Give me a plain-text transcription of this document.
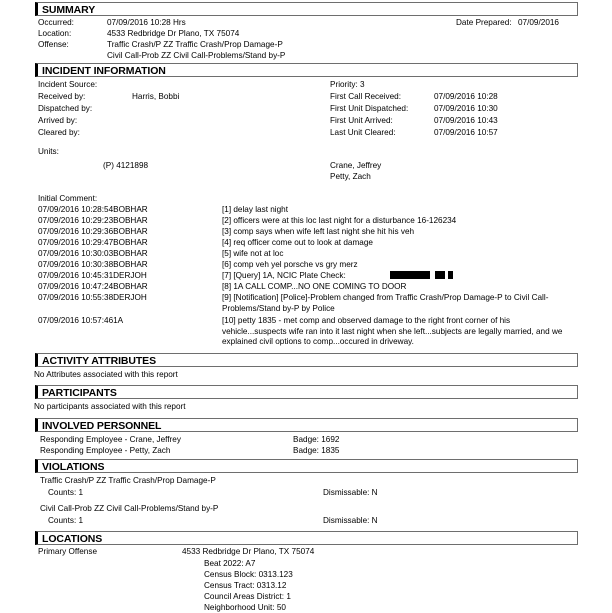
SUMMARY
Occurred:	07/09/2016 10:28 Hrs	Date Prepared: 07/09/2016
Location:	4533 Redbridge Dr Plano, TX 75074
Offense:	Traffic Crash/P ZZ Traffic Crash/Prop Damage-P
Civil Call-Prob ZZ Civil Call-Problems/Stand by-P
INCIDENT INFORMATION
Incident Source:
Received by:	Harris, Bobbi
Dispatched by:
Arrived by:
Cleared by:
Priority: 3
First Call Received:	07/09/2016 10:28
First Unit Dispatched:	07/09/2016 10:30
First Unit Arrived:	07/09/2016 10:43
Last Unit Cleared:	07/09/2016 10:57
Units:
(P) 4121898	Crane, Jeffrey
Petty, Zach
Initial Comment:
07/09/2016 10:28:54BOBHAR	[1] delay last night
07/09/2016 10:29:23BOBHAR	[2] officers were at this loc last night for a disturbance 16-126234
07/09/2016 10:29:36BOBHAR	[3] comp says when wife left last night she hit his veh
07/09/2016 10:29:47BOBHAR	[4] req officer come out to look at damage
07/09/2016 10:30:03BOBHAR	[5] wife not at loc
07/09/2016 10:30:38BOBHAR	[6] comp veh yel porsche vs gry merz
07/09/2016 10:45:31DERJOH	[7] [Query] 1A, NCIC Plate Check:
07/09/2016 10:47:24BOBHAR	[8] 1A CALL COMP...NO ONE COMING TO DOOR
07/09/2016 10:55:38DERJOH	[9] [Notification] [Police]-Problem changed from Traffic Crash/Prop Damage-P to Civil Call-Problems/Stand by-P by Police
07/09/2016 10:57:461A	[10] petty 1835 - met comp and observed damage to the right front corner of his vehicle...suspects wife ran into it last night when she left...subjects are legally married, and we explained civil options to comp...occured in driveway.
ACTIVITY ATTRIBUTES
No Attributes associated with this report
PARTICIPANTS
No participants associated with this report
INVOLVED PERSONNEL
Responding Employee - Crane, Jeffrey	Badge: 1692
Responding Employee - Petty, Zach	Badge: 1835
VIOLATIONS
Traffic Crash/P ZZ Traffic Crash/Prop Damage-P
Counts: 1	Dismissable: N
Civil Call-Prob ZZ Civil Call-Problems/Stand by-P
Counts: 1	Dismissable: N
LOCATIONS
Primary Offense	4533 Redbridge Dr Plano, TX 75074
Beat 2022: A7
Census Block: 0313.123
Census Tract: 0313.12
Council Areas District: 1
Neighborhood Unit: 50
